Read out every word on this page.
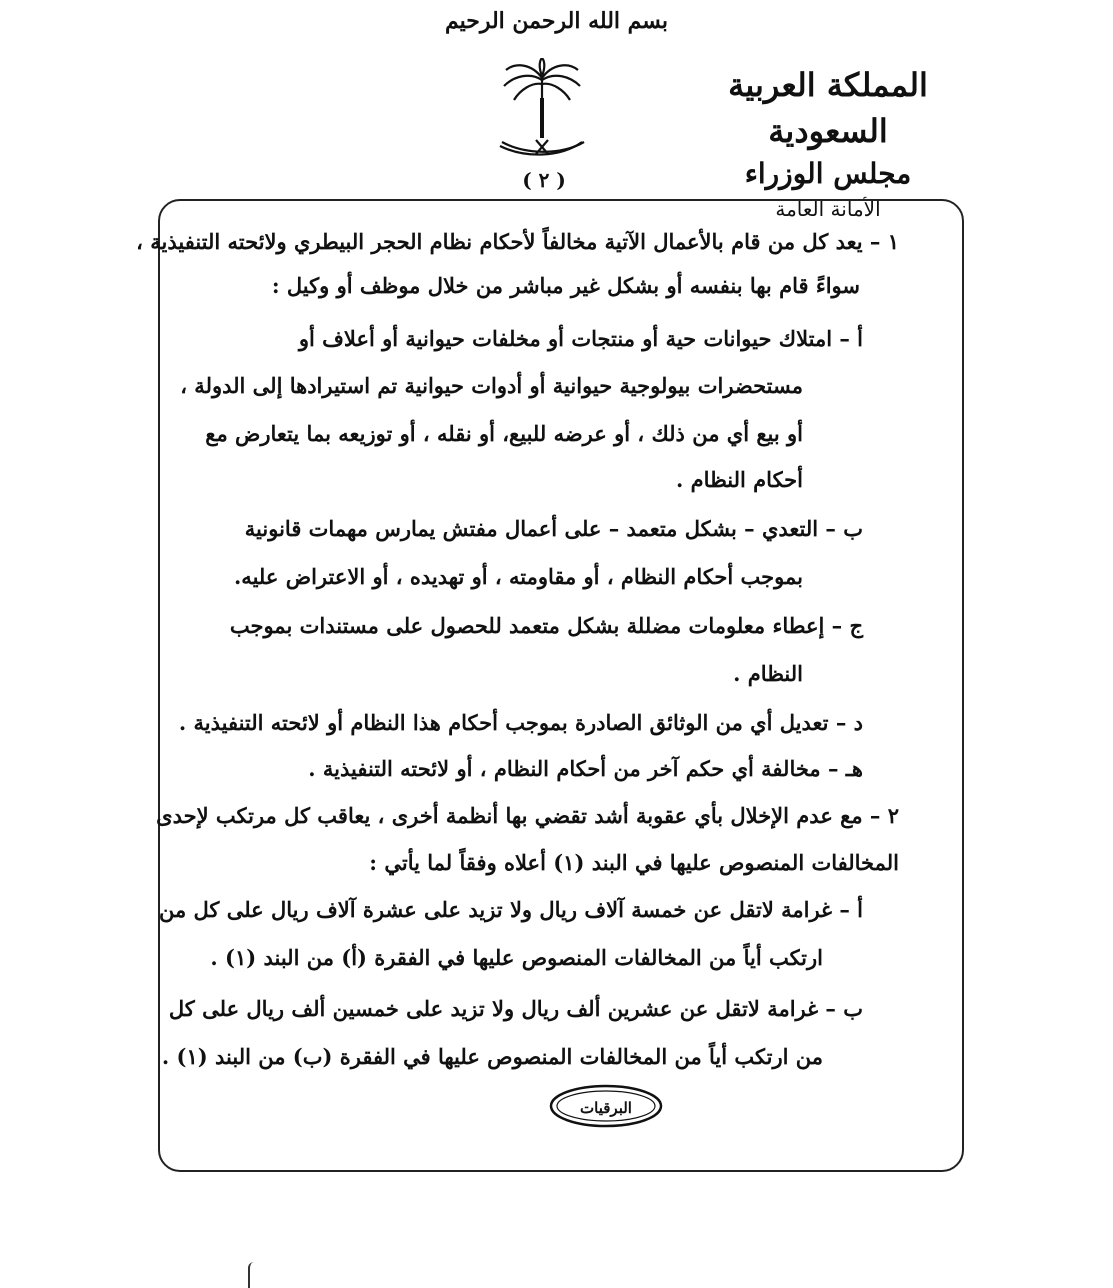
بسم الله الرحمن الرحيم
المملكة العربية السعودية
مجلس الوزراء
الأمانة العامة
( ٢ )
١ – يعد كل من قام بالأعمال الآتية مخالفاً لأحكام نظام الحجر البيطري ولائحته التنفيذية ،
سواءً قام بها بنفسه أو بشكل غير مباشر من خلال موظف أو وكيل :
أ – امتلاك حيوانات حية أو منتجات أو مخلفات حيوانية أو أعلاف أو
مستحضرات بيولوجية حيوانية أو أدوات حيوانية تم استيرادها إلى الدولة ،
أو بيع أي من ذلك ، أو عرضه للبيع، أو نقله ، أو توزيعه بما يتعارض مع
أحكام النظام .
ب – التعدي – بشكل متعمد – على أعمال مفتش يمارس مهمات قانونية
بموجب أحكام النظام ، أو مقاومته ، أو تهديده ، أو الاعتراض عليه.
ج – إعطاء معلومات مضللة بشكل متعمد للحصول على مستندات بموجب
النظام .
د – تعديل أي من الوثائق الصادرة بموجب أحكام هذا النظام أو لائحته التنفيذية .
هـ – مخالفة أي حكم آخر من أحكام النظام ، أو لائحته التنفيذية .
٢ – مع عدم الإخلال بأي عقوبة أشد تقضي بها أنظمة أخرى ، يعاقب كل مرتكب لإحدى
المخالفات المنصوص عليها في البند (١) أعلاه وفقاً لما يأتي :
أ – غرامة لاتقل عن خمسة آلاف ريال ولا تزيد على عشرة آلاف ريال على كل من
ارتكب أياً من المخالفات المنصوص عليها في الفقرة (أ) من البند (١) .
ب – غرامة لاتقل عن عشرين ألف ريال ولا تزيد على خمسين ألف ريال على كل
من ارتكب أياً من المخالفات المنصوص عليها في الفقرة (ب) من البند (١) .
البرقيات
